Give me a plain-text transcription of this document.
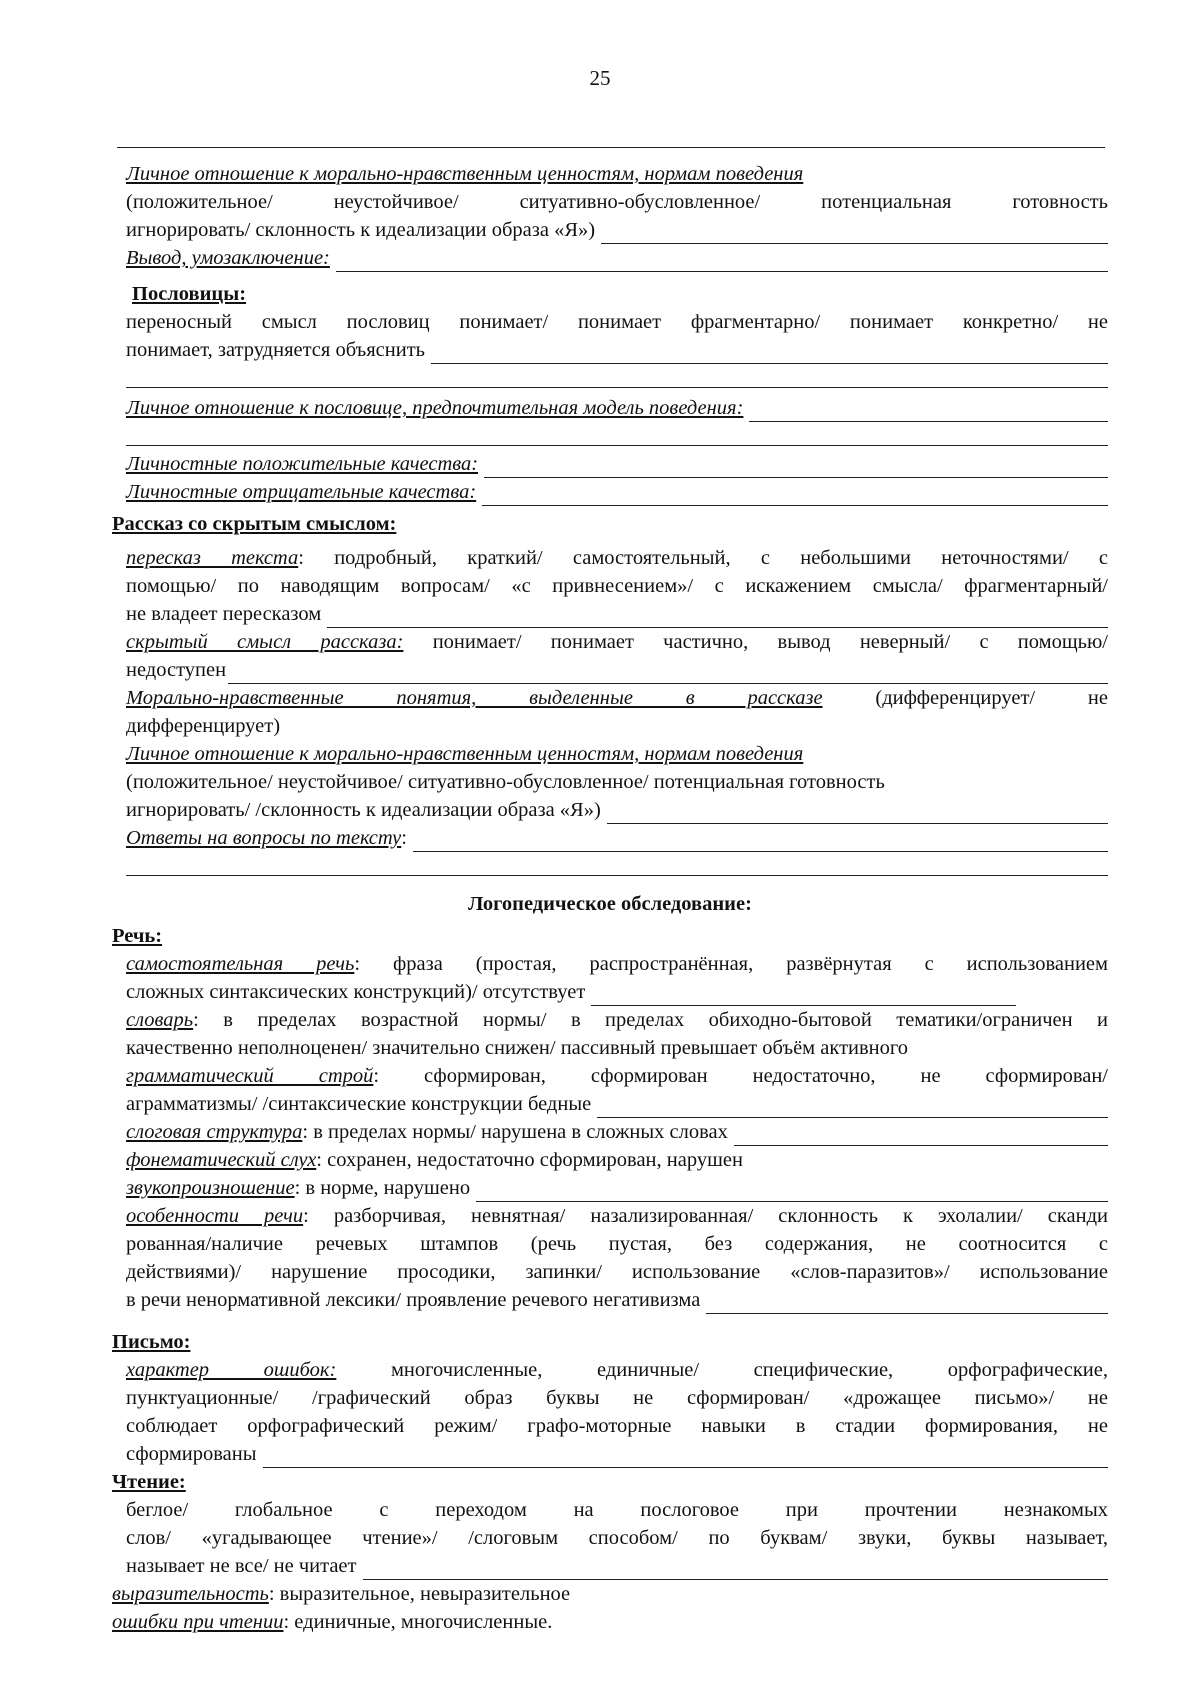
25
Личное отношение к морально-нравственным ценностям, нормам поведения
(положительное/ неустойчивое/ ситуативно-обусловленное/ потенциальная готовность
игнорировать/ склонность к идеализации образа «Я»)
Вывод, умозаключение:
Пословицы:
переносный смысл пословиц понимает/ понимает фрагментарно/ понимает конкретно/ не
понимает, затрудняется объяснить
Личное отношение к пословице, предпочтительная модель поведения:
Личностные положительные качества:
Личностные отрицательные качества:
Рассказ со скрытым смыслом:
пересказ текста: подробный, краткий/ самостоятельный, с небольшими неточностями/ с
помощью/ по наводящим вопросам/ «с привнесением»/ с искажением смысла/ фрагментарный/
не владеет пересказом
скрытый смысл рассказа: понимает/ понимает частично, вывод неверный/ с помощью/
недоступен
Морально-нравственные понятия, выделенные в рассказе (дифференцирует/ не
дифференцирует)
Личное отношение к морально-нравственным ценностям, нормам поведения
(положительное/ неустойчивое/ ситуативно-обусловленное/ потенциальная готовность
игнорировать/ /склонность к идеализации образа «Я»)
Ответы на вопросы по тексту :
Логопедическое обследование:
Речь:
самостоятельная речь: фраза (простая, распространённая, развёрнутая с использованием
сложных синтаксических конструкций)/ отсутствует
словарь: в пределах возрастной нормы/ в пределах обиходно-бытовой тематики/ограничен и
качественно неполноценен/ значительно снижен/ пассивный превышает объём активного
грамматический строй: сформирован, сформирован недостаточно, не сформирован/
аграмматизмы/ /синтаксические конструкции бедные
слоговая структура : в пределах нормы/ нарушена в сложных словах
фонематический слух: сохранен, недостаточно сформирован, нарушен
звукопроизношение : в норме, нарушено
особенности речи: разборчивая, невнятная/ назализированная/ склонность к эхолалии/ сканди
рованная/наличие речевых штампов (речь пустая, без содержания, не соотносится с
действиями)/ нарушение просодики, запинки/ использование «слов-паразитов»/ использование
в речи ненормативной лексики/ проявление речевого негативизма
Письмо:
характер ошибок: многочисленные, единичные/ специфические, орфографические,
пунктуационные/ /графический образ буквы не сформирован/ «дрожащее письмо»/ не
соблюдает орфографический режим/ графо-моторные навыки в стадии формирования, не
сформированы
Чтение:
беглое/ глобальное с переходом на послоговое при прочтении незнакомых
слов/ «угадывающее чтение»/ /слоговым способом/ по буквам/ звуки, буквы называет,
называет не все/ не читает
выразительность: выразительное, невыразительное
ошибки при чтении: единичные, многочисленные.
